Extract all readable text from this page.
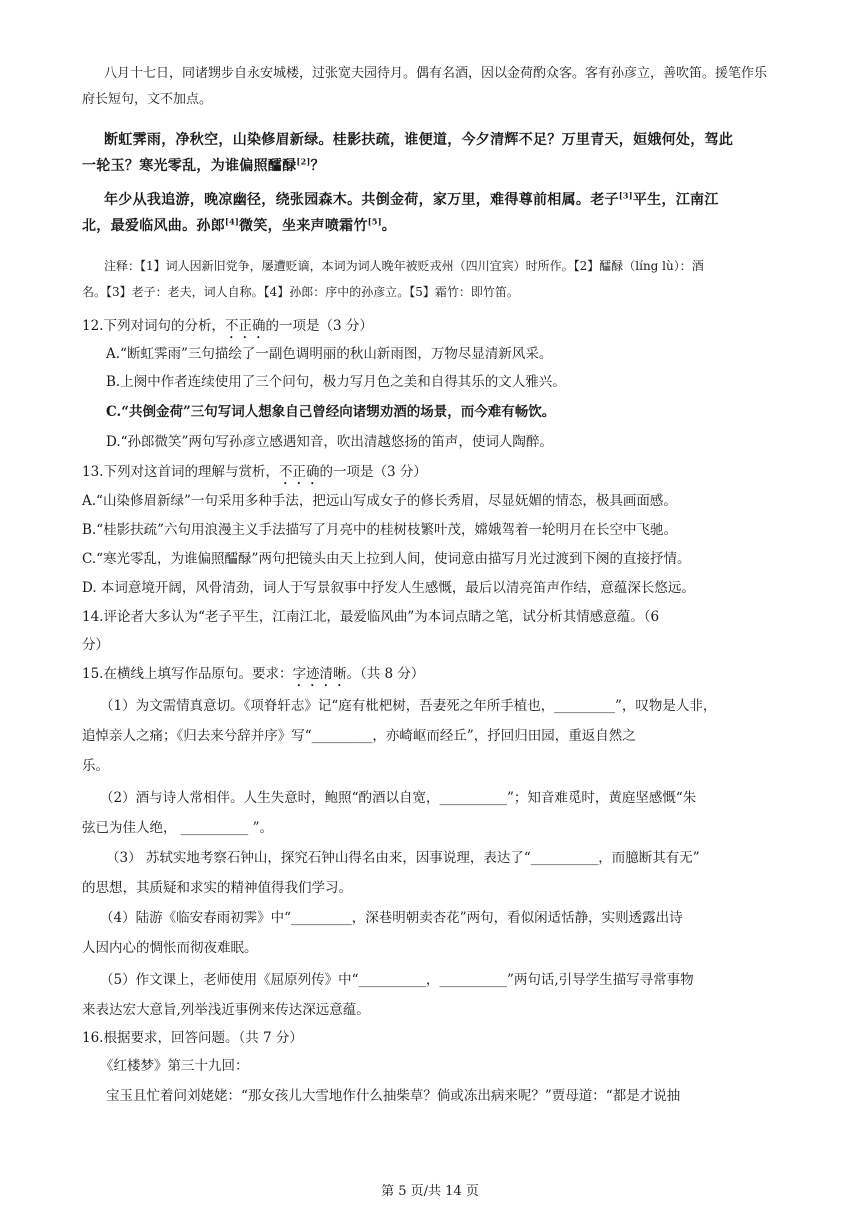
八月十七日，同诸甥步自永安城楼，过张宽夫园待月。偶有名酒，因以金荷酌众客。客有孙彦立，善吹笛。援笔作乐
府长短句，文不加点。
断虹霁雨，净秋空，山染修眉新绿。桂影扶疏，谁便道，今夕清辉不足？万里青天，姮娥何处，驾此
一轮玉？寒光零乱，为谁偏照醽醁[2]？
年少从我追游，晚凉幽径，绕张园森木。共倒金荷，家万里，难得尊前相属。老子[3]平生，江南江
北，最爱临风曲。孙郎[4]微笑，坐来声喷霜竹[5]。
注释：【1】词人因新旧党争，屡遭贬谪，本词为词人晚年被贬戎州（四川宜宾）时所作。【2】醽醁（líng lù）：酒
名。【3】老子：老夫，词人自称。【4】孙郎：序中的孙彦立。【5】霜竹：即竹笛。
12.下列对词句的分析，不正确的一项是（3 分）
A.“断虹霁雨”三句描绘了一副色调明丽的秋山新雨图，万物尽显清新风采。
B.上阕中作者连续使用了三个问句，极力写月色之美和自得其乐的文人雅兴。
C.“共倒金荷”三句写词人想象自己曾经向诸甥劝酒的场景，而今难有畅饮。
D.“孙郎微笑”两句写孙彦立感遇知音，吹出清越悠扬的笛声，使词人陶醉。
13.下列对这首词的理解与赏析，不正确的一项是（3 分）
A.“山染修眉新绿”一句采用多种手法，把远山写成女子的修长秀眉，尽显妩媚的情态，极具画面感。
B.“桂影扶疏”六句用浪漫主义手法描写了月亮中的桂树枝繁叶茂，嫦娥驾着一轮明月在长空中飞驰。
C.“寒光零乱，为谁偏照醽醁”两句把镜头由天上拉到人间，使词意由描写月光过渡到下阕的直接抒情。
D. 本词意境开阔，风骨清劲，词人于写景叙事中抒发人生感慨，最后以清亮笛声作结，意蕴深长悠远。
14.评论者大多认为“老子平生，江南江北，最爱临风曲”为本词点睛之笔，试分析其情感意蕴。（6
分）
15.在横线上填写作品原句。要求：字迹清晰。（共 8 分）
（1）为文需情真意切。《项脊轩志》记“庭有枇杷树，吾妻死之年所手植也，_________”，叹物是人非，
追悼亲人之痛；《归去来兮辞并序》写“_________，亦崎岖而经丘”，抒回归田园，重返自然之
乐。
（2）酒与诗人常相伴。人生失意时，鲍照“酌酒以自宽，__________”；知音难觅时，黄庭坚感慨“朱
弦已为佳人绝， __________ ”。
（3） 苏轼实地考察石钟山，探究石钟山得名由来，因事说理，表达了“__________，而臆断其有无”
的思想，其质疑和求实的精神值得我们学习。
（4）陆游《临安春雨初霁》中“_________，深巷明朝卖杏花”两句，看似闲适恬静，实则透露出诗
人因内心的惆怅而彻夜难眠。
（5）作文课上，老师使用《屈原列传》中“__________，__________”两句话,引导学生描写寻常事物
来表达宏大意旨,列举浅近事例来传达深远意蕴。
16.根据要求，回答问题。（共 7 分）
《红楼梦》第三十九回：
宝玉且忙着问刘姥姥：“那女孩儿大雪地作什么抽柴草？倘或冻出病来呢？”贾母道：“都是才说抽
第 5 页/共 14 页
